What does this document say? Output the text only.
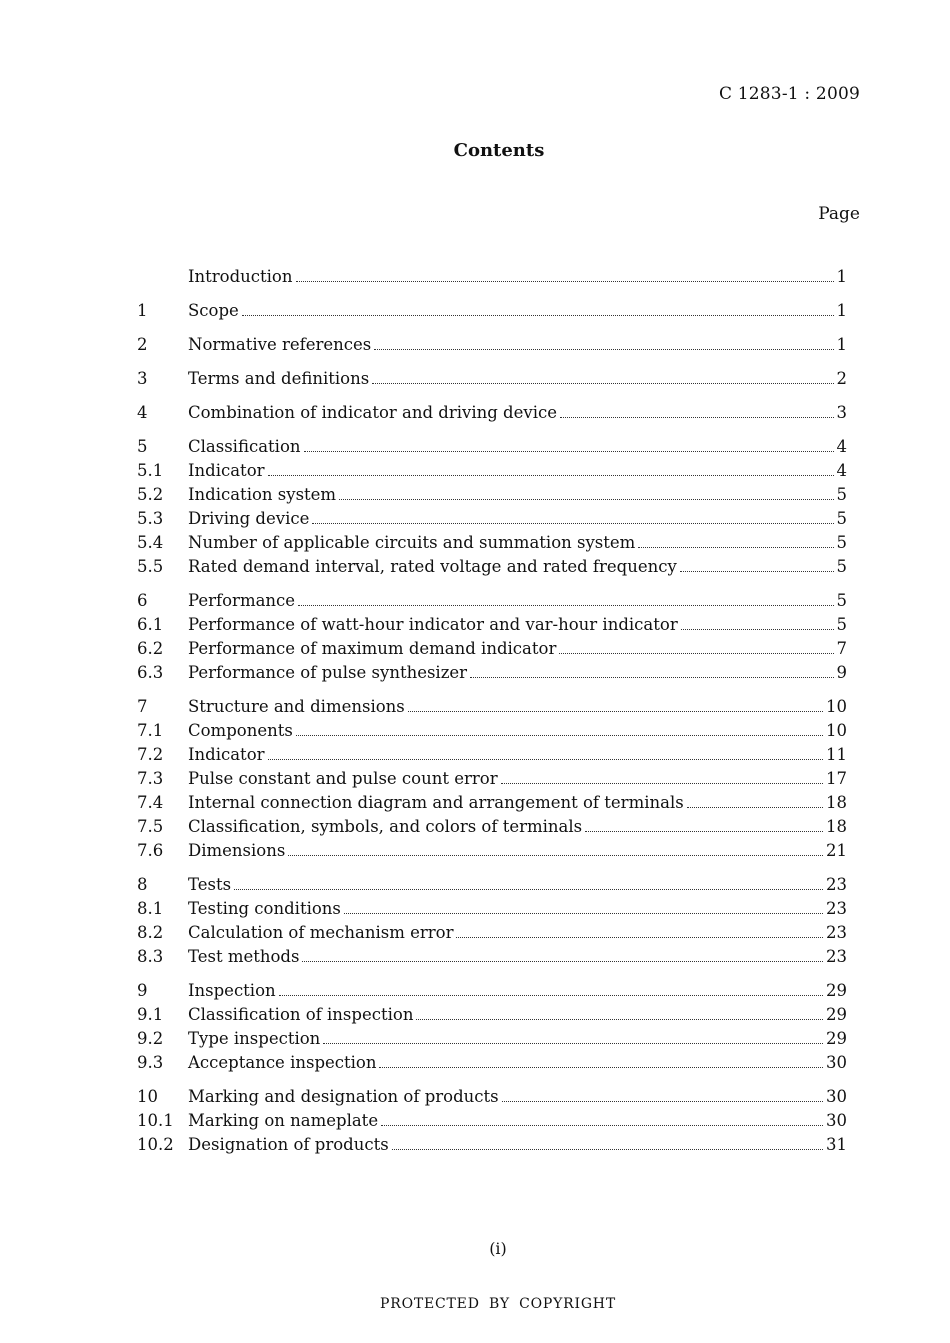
C 1283-1 : 2009
Contents
Page
Introduction	1
1	Scope	1
2	Normative references	1
3	Terms and definitions	2
4	Combination of indicator and driving device	3
5	Classification	4
5.1	Indicator	4
5.2	Indication system	5
5.3	Driving device	5
5.4	Number of applicable circuits and summation system	5
5.5	Rated demand interval, rated voltage and rated frequency	5
6	Performance	5
6.1	Performance of watt-hour indicator and var-hour indicator	5
6.2	Performance of maximum demand indicator	7
6.3	Performance of pulse synthesizer	9
7	Structure and dimensions	10
7.1	Components	10
7.2	Indicator	11
7.3	Pulse constant and pulse count error	17
7.4	Internal connection diagram and arrangement of terminals	18
7.5	Classification, symbols, and colors of terminals	18
7.6	Dimensions	21
8	Tests	23
8.1	Testing conditions	23
8.2	Calculation of mechanism error	23
8.3	Test methods	23
9	Inspection	29
9.1	Classification of inspection	29
9.2	Type inspection	29
9.3	Acceptance inspection	30
10	Marking and designation of products	30
10.1 Marking on nameplate	30
10.2 Designation of products	31
(i)
PROTECTED BY COPYRIGHT
